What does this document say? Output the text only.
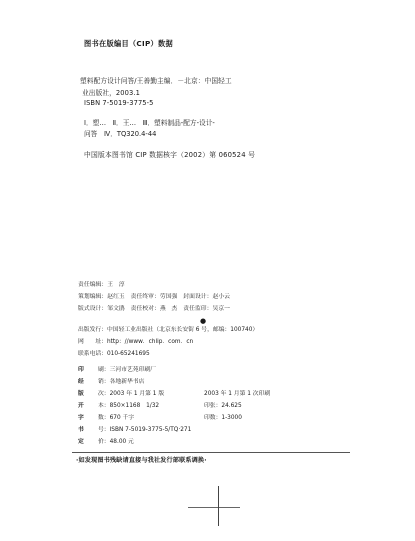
图书在版编目（CIP）数据
塑料配方设计问答/王善勤主编．－北京：中国轻工
业出版社，2003.1
ISBN 7-5019-3775-5
Ⅰ．塑…　Ⅱ．王…　Ⅲ．塑料制品-配方-设计-
问答　Ⅳ．TQ320.4-44
中国版本图书馆 CIP 数据核字（2002）第 060524 号
责任编辑：王　淳
策划编辑：赵红玉　责任终审：劳国强　封面设计：赵小云
版式设计：邹文鹃　责任校对：燕　杰　责任监印：吴京一
●
出版发行：中国轻工业出版社（北京东长安街 6 号，邮编：100740）
网　　址：http：//www．chlip．com．cn
联系电话：010-65241695
印 刷：三河市艺苑印刷厂
经 销：各地新华书店
版 次：2003 年 1 月第 1 版	2003 年 1 月第 1 次印刷
开 本：850×1168　1/32	印张：24.625
字 数：670 千字	印数：1-3000
书 号：ISBN 7-5019-3775-5/TQ·271
定 价：48.00 元
·如发现图书残缺请直接与我社发行部联系调换·
